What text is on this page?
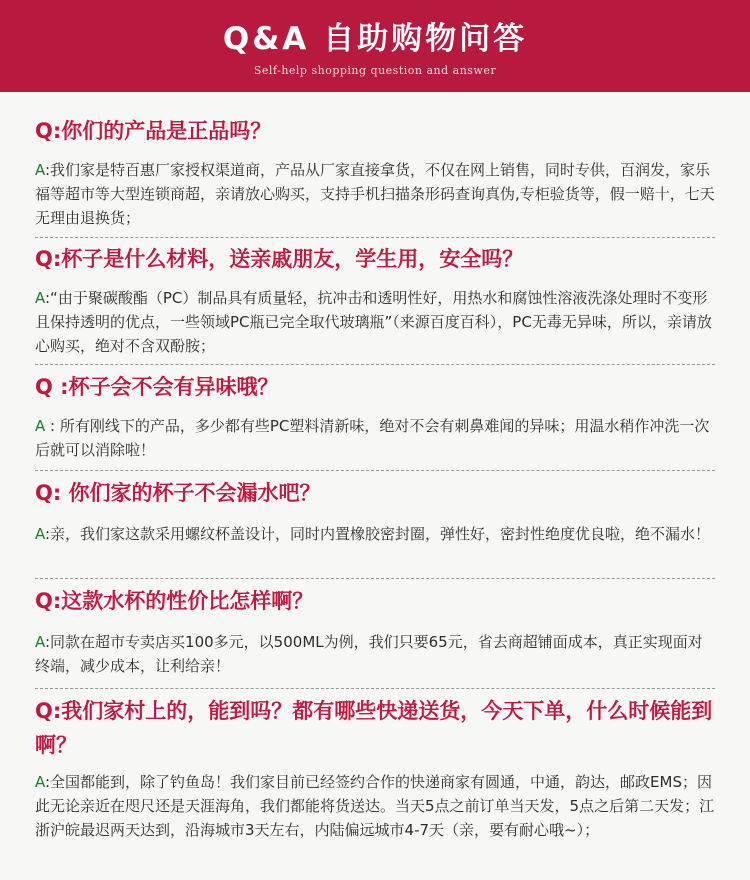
Q&A 自助购物问答
Self-help shopping question and answer

Q:你们的产品是正品吗？

A:我们家是特百惠厂家授权渠道商，产品从厂家直接拿货，不仅在网上销售，同时专供，百润发，家乐福等超市等大型连锁商超，亲请放心购买，支持手机扫描条形码查询真伪,专柜验货等，假一赔十，七天无理由退换货；

Q:杯子是什么材料，送亲戚朋友，学生用，安全吗？

A:“由于聚碳酸酯（PC）制品具有质量轻，抗冲击和透明性好，用热水和腐蚀性溶液洗涤处理时不变形且保持透明的优点，一些领域PC瓶已完全取代玻璃瓶”（来源百度百科），PC无毒无异味，所以，亲请放心购买，绝对不含双酚胺；

Q :杯子会不会有异味哦？

A : 所有刚线下的产品，多少都有些PC塑料清新味，绝对不会有刺鼻难闻的异味；用温水稍作冲洗一次后就可以消除啦！

Q: 你们家的杯子不会漏水吧？

A:亲，我们家这款采用螺纹杯盖设计，同时内置橡胶密封圈，弹性好，密封性绝度优良啦，绝不漏水！

Q:这款水杯的性价比怎样啊？

A:同款在超市专卖店买100多元，以500ML为例，我们只要65元，省去商超铺面成本，真正实现面对终端，减少成本，让利给亲！

Q:我们家村上的，能到吗？都有哪些快递送货，今天下单，什么时候能到啊？

A:全国都能到，除了钓鱼岛！我们家目前已经签约合作的快递商家有圆通，中通，韵达，邮政EMS；因此无论亲近在咫尺还是天涯海角，我们都能将货送达。当天5点之前订单当天发，5点之后第二天发；江浙沪皖最迟两天达到，沿海城市3天左右，内陆偏远城市4-7天（亲，要有耐心哦~）；
